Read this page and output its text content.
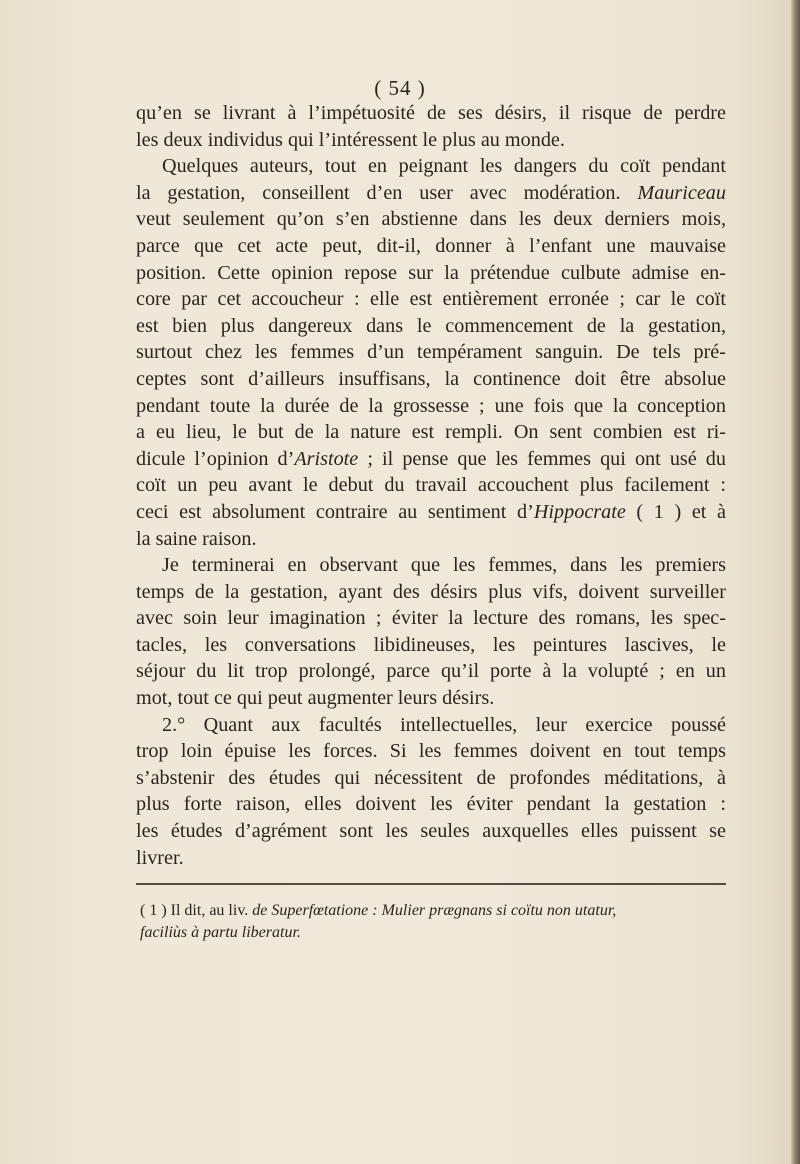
( 54 )

qu’en se livrant à l’impétuosité de ses désirs, il risque de perdre
les deux individus qui l’intéressent le plus au monde.

Quelques auteurs, tout en peignant les dangers du coït pendant
la gestation, conseillent d’en user avec modération. Mauriceau
veut seulement qu’on s’en abstienne dans les deux derniers mois,
parce que cet acte peut, dit-il, donner à l’enfant une mauvaise
position. Cette opinion repose sur la prétendue culbute admise en-
core par cet accoucheur : elle est entièrement erronée ; car le coït
est bien plus dangereux dans le commencement de la gestation,
surtout chez les femmes d’un tempérament sanguin. De tels pré-
ceptes sont d’ailleurs insuffisans, la continence doit être absolue
pendant toute la durée de la grossesse ; une fois que la conception
a eu lieu, le but de la nature est rempli. On sent combien est ri-
dicule l’opinion d’Aristote ; il pense que les femmes qui ont usé du
coït un peu avant le debut du travail accouchent plus facilement :
ceci est absolument contraire au sentiment d’Hippocrate ( 1 ) et à
la saine raison.

Je terminerai en observant que les femmes, dans les premiers
temps de la gestation, ayant des désirs plus vifs, doivent surveiller
avec soin leur imagination ; éviter la lecture des romans, les spec-
tacles, les conversations libidineuses, les peintures lascives, le
séjour du lit trop prolongé, parce qu’il porte à la volupté ; en un
mot, tout ce qui peut augmenter leurs désirs.

2.° Quant aux facultés intellectuelles, leur exercice poussé
trop loin épuise les forces. Si les femmes doivent en tout temps
s’abstenir des études qui nécessitent de profondes méditations, à
plus forte raison, elles doivent les éviter pendant la gestation :
les études d’agrément sont les seules auxquelles elles puissent se
livrer.

( 1 ) Il dit, au liv. de Superfœtatione : Mulier prægnans si coïtu non utatur,
faciliùs à partu liberatur.
